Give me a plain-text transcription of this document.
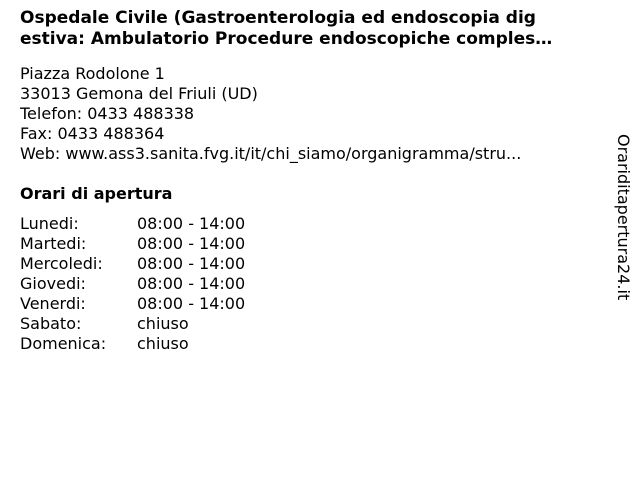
Ospedale Civile (Gastroenterologia ed endoscopia dig
estiva: Ambulatorio Procedure endoscopiche comples…
Piazza Rodolone 1
33013 Gemona del Friuli (UD)
Telefon: 0433 488338
Fax: 0433 488364
Web: www.ass3.sanita.fvg.it/it/chi_siamo/organigramma/stru...
Orari di apertura
Lunedi:	08:00 - 14:00
Martedi:	08:00 - 14:00
Mercoledi:	08:00 - 14:00
Giovedi:	08:00 - 14:00
Venerdi:	08:00 - 14:00
Sabato:	chiuso
Domenica:	chiuso
Orariditapertura24.it
